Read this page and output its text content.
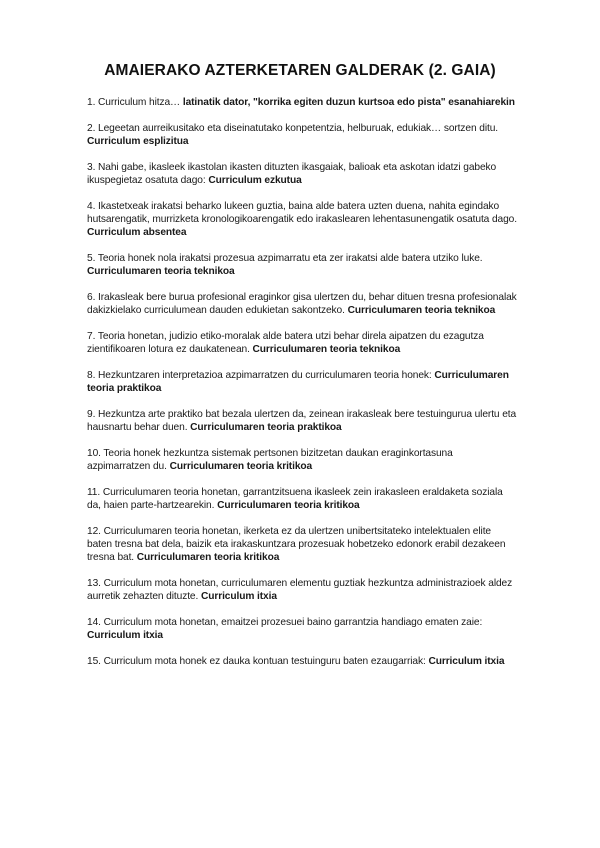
AMAIERAKO AZTERKETAREN GALDERAK (2. GAIA)
1. Curriculum hitza… latinatik dator, "korrika egiten duzun kurtsoa edo pista" esanahiarekin
2. Legeetan aurreikusitako eta diseinatutako konpetentzia, helburuak, edukiak… sortzen ditu. Curriculum esplizitua
3. Nahi gabe, ikasleek ikastolan ikasten dituzten ikasgaiak, balioak eta askotan idatzi gabeko ikuspegietaz osatuta dago: Curriculum ezkutua
4. Ikastetxeak irakatsi beharko lukeen guztia, baina alde batera uzten duena, nahita egindako hutsarengatik, murrizketa kronologikoarengatik edo irakaslearen lehentasunengatik osatuta dago. Curriculum absentea
5. Teoria honek nola irakatsi prozesua azpimarratu eta zer irakatsi alde batera utziko luke. Curriculumaren teoria teknikoa
6. Irakasleak bere burua profesional eraginkor gisa ulertzen du, behar dituen tresna profesionalak dakizkielako curriculumean dauden edukietan sakontzeko. Curriculumaren teoria teknikoa
7. Teoria honetan, judizio etiko-moralak alde batera utzi behar direla aipatzen du ezagutza zientifikoaren lotura ez daukatenean. Curriculumaren teoria teknikoa
8. Hezkuntzaren interpretazioa azpimarratzen du curriculumaren teoria honek: Curriculumaren teoria praktikoa
9. Hezkuntza arte praktiko bat bezala ulertzen da, zeinean irakasleak bere testuingurua ulertu eta hausnartu behar duen. Curriculumaren teoria praktikoa
10. Teoria honek hezkuntza sistemak pertsonen bizitzetan daukan eraginkortasuna azpimarratzen du. Curriculumaren teoria kritikoa
11. Curriculumaren teoria honetan, garrantzitsuena ikasleek zein irakasleen eraldaketa soziala da, haien parte-hartzearekin. Curriculumaren teoria kritikoa
12. Curriculumaren teoria honetan, ikerketa ez da ulertzen unibertsitateko intelektualen elite baten tresna bat dela, baizik eta irakaskuntzara prozesuak hobetzeko edonork erabil dezakeen tresna bat. Curriculumaren teoria kritikoa
13. Curriculum mota honetan, curriculumaren elementu guztiak hezkuntza administrazioek aldez aurretik zehazten dituzte. Curriculum itxia
14. Curriculum mota honetan, emaitzei prozesuei baino garrantzia handiago ematen zaie: Curriculum itxia
15. Curriculum mota honek ez dauka kontuan testuinguru baten ezaugarriak: Curriculum itxia
